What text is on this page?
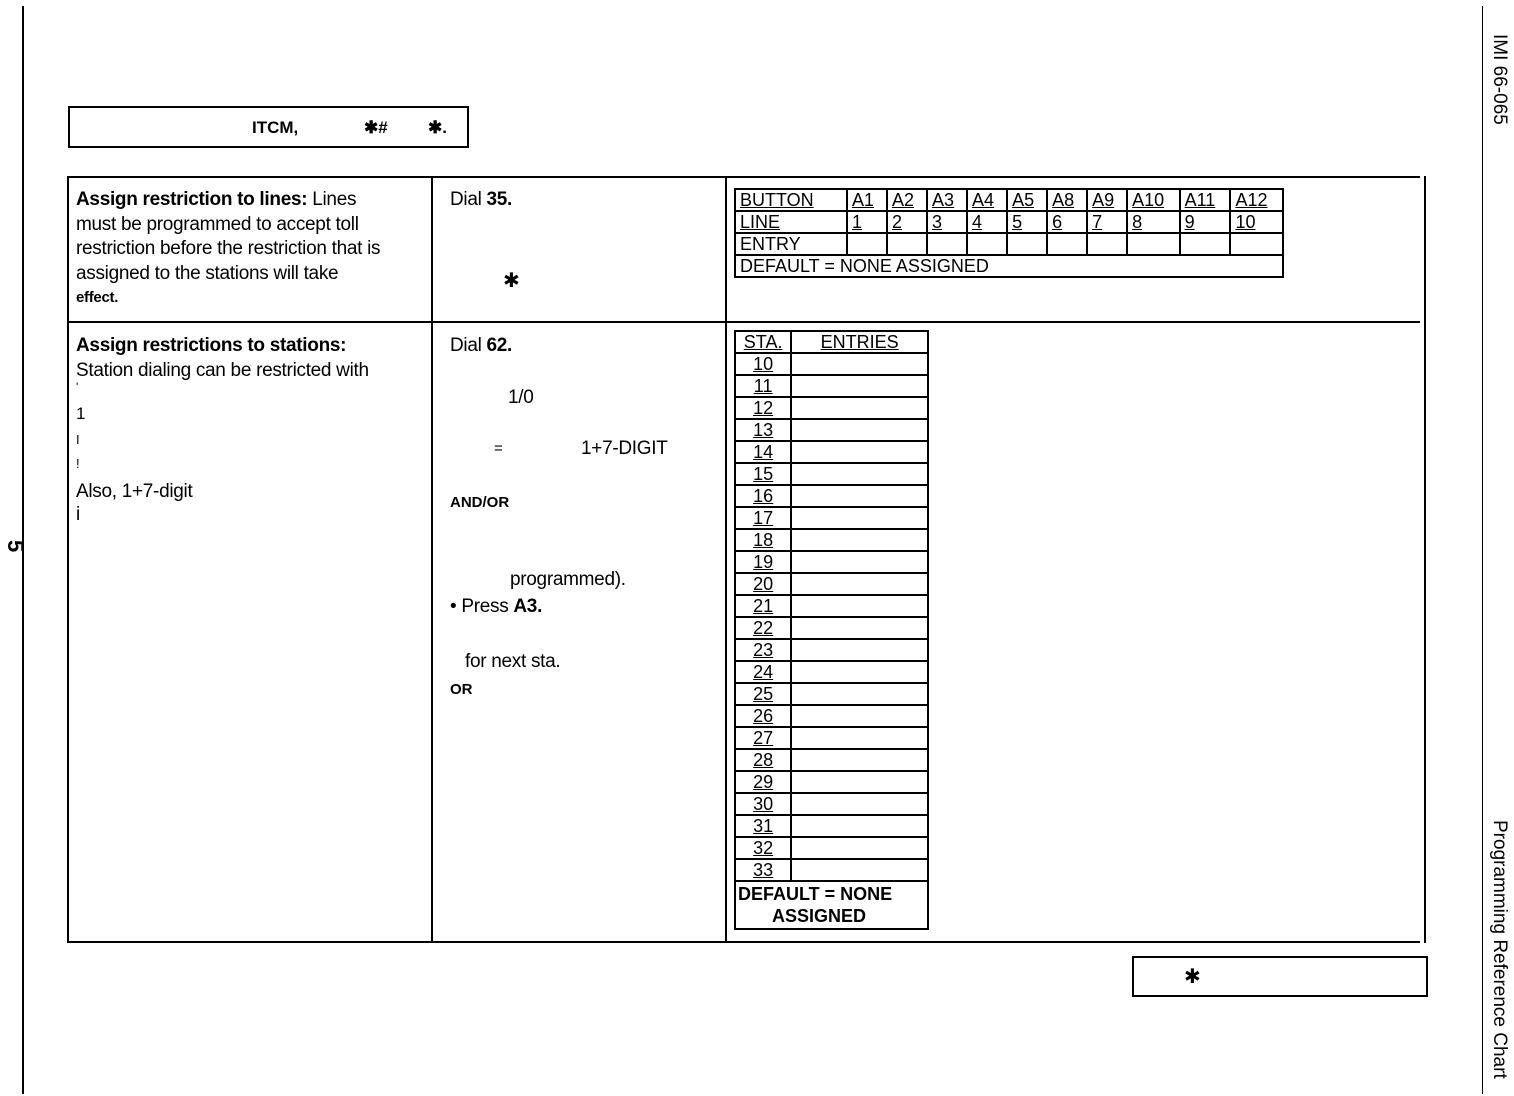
5
IMI 66-065
Programming Reference Chart
ITCM,	✱# ✱.
Assign restriction to lines: Lines
must be programmed to accept toll
restriction before the restriction that is
assigned to the stations will take
effect.
Dial 35.
✱
BUTTON	A1	A2	A3	A4	A5	A8	A9	A10	A11	A12
LINE	1	2	3	4	5	6	7	8	9	10
ENTRY										
DEFAULT = NONE ASSIGNED										
Assign restrictions to stations:
Station dialing can be restricted with
'
1
I
!
Also, 1+7-digit
i
Dial 62.
1/0
=	1+7-DIGIT
AND/OR
programmed).
• Press A3.
for next sta.
OR
STA.	ENTRIES
10	
11	
12	
13	
14	
15	
16	
17	
18	
19	
20	
21	
22	
23	
24	
25	
26	
27	
28	
29	
30	
31	
32	
33	

DEFAULT = NONE
ASSIGNED	
✱
